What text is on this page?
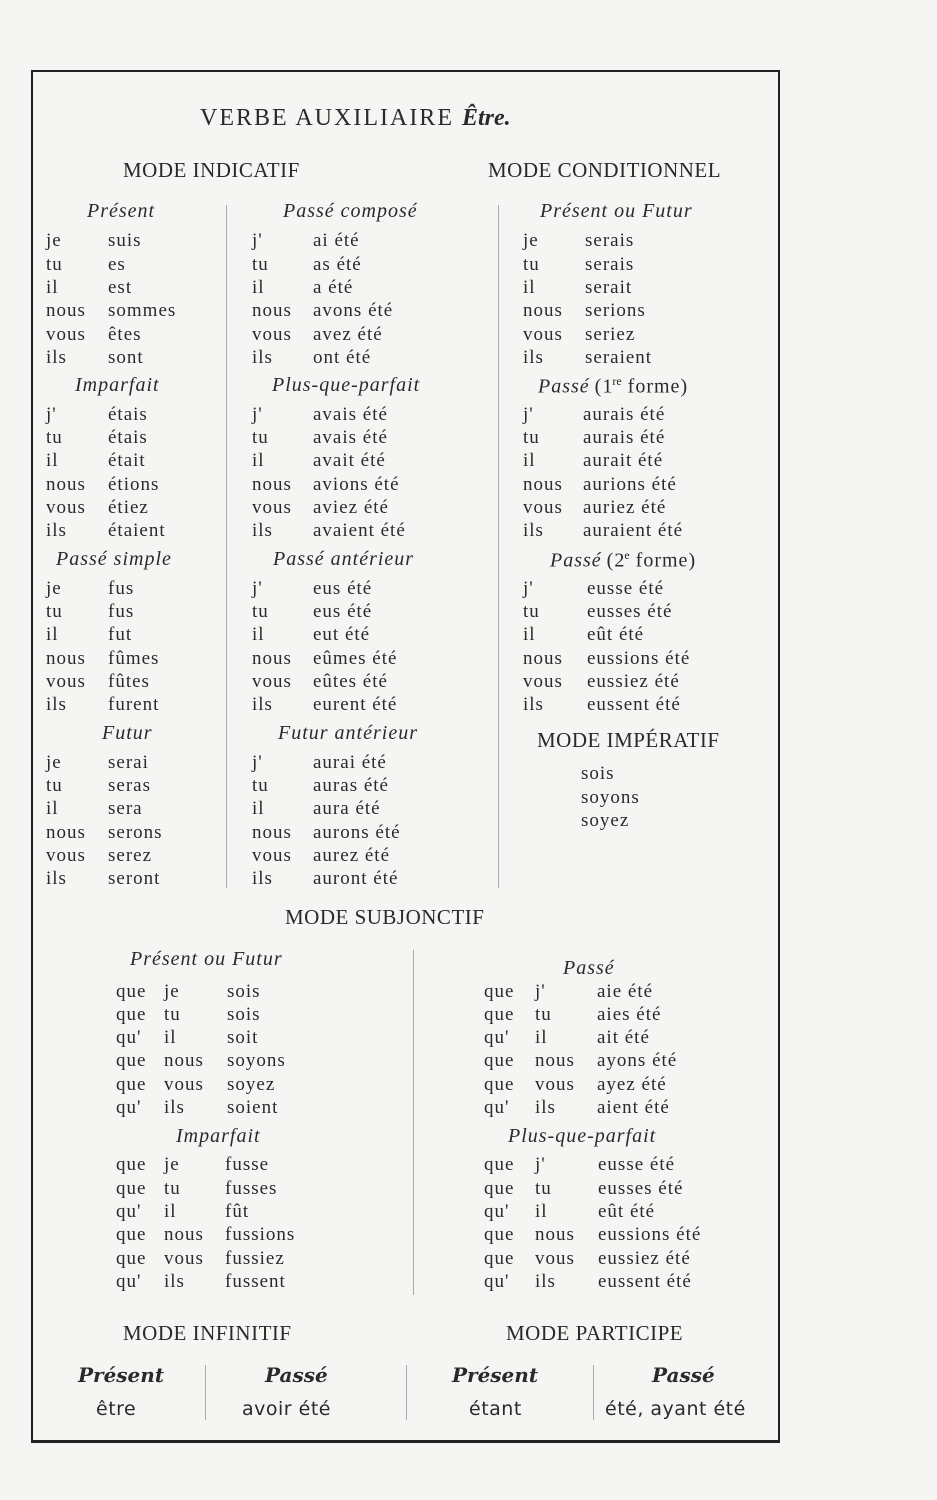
VERBE AUXILIAIRE Être.
MODE INDICATIF	MODE CONDITIONNEL
Présent
je suis
tu es
il	est
nous sommes
vous êtes
ils sont
Imparfait
j'	étais
tu étais
il	était
nous étions
vous étiez
ils étaient
Passé simple
je fus
tu fus
il	fut
nous fûmes
vous fûtes
ils furent
Futur
je serai
tu seras
il	sera
nous serons
vous serez
ils seront
Passé composé
j'	ai été
tu as été
il	a été
nous avons été
vous avez été
ils ont été
Plus-que-parfait
j'	avais été
tu avais été
il	avait été
nous avions été
vous aviez été
ils avaient été
Passé antérieur
j'	eus été
tu eus été
il	eut été
nous eûmes été
vous eûtes été
ils eurent été
Futur antérieur
j'	aurai été
tu auras été
il	aura été
nous aurons été
vous aurez été
ils auront été
Présent ou Futur
je serais
tu serais
il	serait
nous serions
vous seriez
ils seraient
Passé (1re forme)
j'	aurais été
tu aurais été
il aurait été
nous aurions été
vous auriez été
ils auraient été
Passé (2e forme)
j'	eusse été
tu eusses été
il	eût été
nous eussions été
vous eussiez été
ils eussent été
MODE IMPÉRATIF
sois
soyons
soyez
MODE SUBJONCTIF
Présent ou Futur
que je sois
que tu sois
qu' il	soit
que nous soyons
que vous soyez
qu' ils soient
Imparfait
que je fusse
que tu fusses
qu' il	fût
que nous fussions
que vous fussiez
qu' ils fussent
Passé
que j'	aie été
que tu aies été
qu' il	ait été
que nous ayons été
que vous ayez été
qu' ils aient été
Plus-que-parfait
que j'	eusse été
que tu eusses été
qu' il	eût été
que nous eussions été
que vous eussiez été
qu' ils eussent été
MODE INFINITIF	MODE PARTICIPE
Présent	Passé	Présent	Passé
être	avoir été	étant	été, ayant été
